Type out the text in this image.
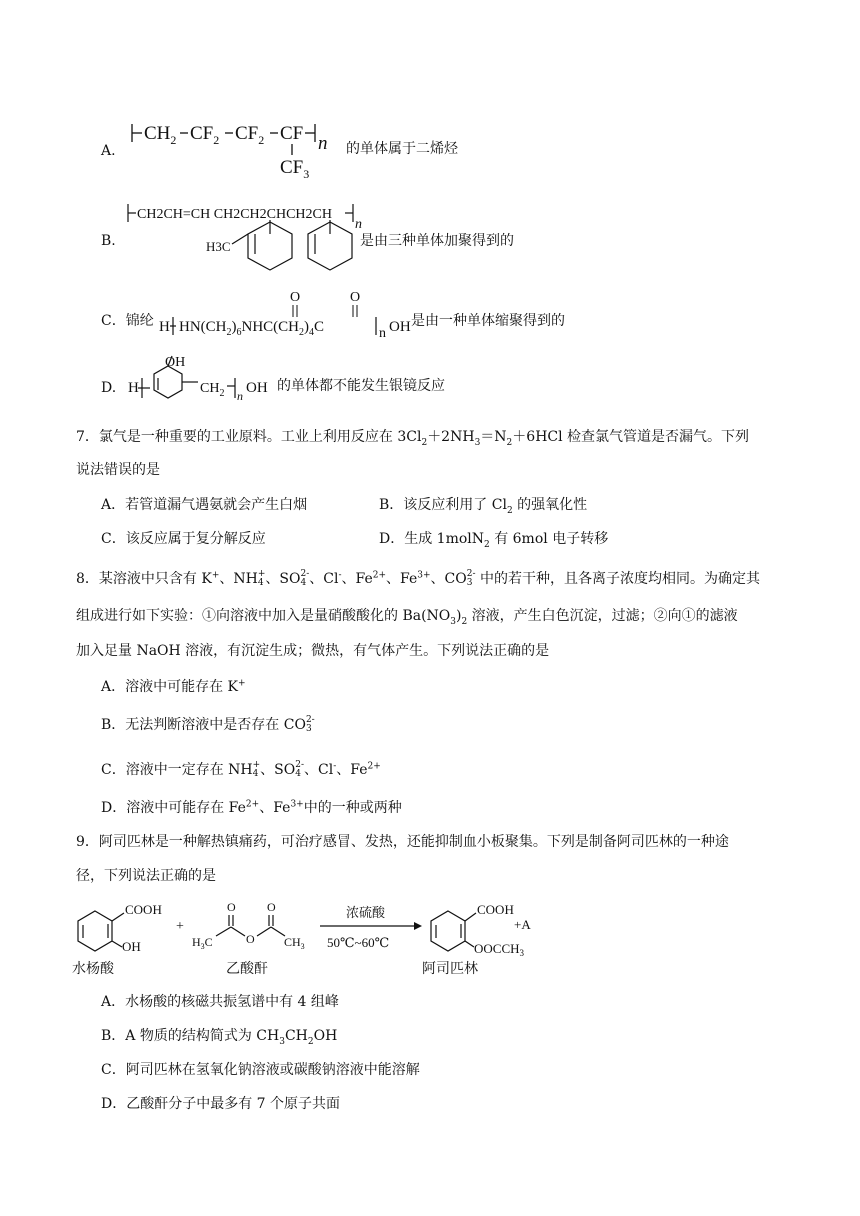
A.
$CH_2$ $CF_2$ $CF_2$ CF n
$CF_3$
的单体属于二烯烃
B.
CH2CH=CH CH2CH2CHCH2CH
n
H3C	是由三种单体加聚得到的
C．锦纶 H $HN(CH_2)_6NHC(CH_2)_4C$	n OH
O	O
是由一种单体缩聚得到的
D. H
OH
$CH_2$ n OH 的单体都不能发生银镜反应
7．氯气是一种重要的工业原料。工业上利用反应在 $3Cl_2+2NH_3=N_2+6HCl$ 检查氯气管道是否漏气。下列
说法错误的是
A．若管道漏气遇氨就会产生白烟	B．该反应利用了 $Cl_2$ 的强氧化性
C．该反应属于复分解反应	D．生成 1molN$_2$ 有 6mol 电子转移
8．某溶液中只含有 K+、NH +
4 、SO 2-
4 、Cl-、$Fe^{2+}$、$Fe^{3+}$、CO 2-
3 中的若干种，且各离子浓度均相同。为确定其
组成进行如下实验：①向溶液中加入是量硝酸酸化的 $Ba(NO_3)_2$ 溶液，产生白色沉淀，过滤；②向①的滤液
加入足量 NaOH 溶液，有沉淀生成；微热，有气体产生。下列说法正确的是
A．溶液中可能存在 K+
B．无法判断溶液中是否存在 CO 2-
3
C．溶液中一定存在 NH +
4 、SO 2-
4 、Cl-、$Fe^{2+}$
D．溶液中可能存在 $Fe^{2+}$、$Fe^{3+}$中的一种或两种
9．阿司匹林是一种解热镇痛药，可治疗感冒、发热，还能抑制血小板聚集。下列是制备阿司匹林的一种途
径，下列说法正确的是
COOH
OH
水杨酸
+
O	O
O
$H_3C$	$CH_3$
乙酸酐
浓硫酸
50℃~60℃
COOH
$OOCCH_3$
阿司匹林
+A
A．水杨酸的核磁共振氢谱中有 4 组峰
B．A 物质的结构简式为 $CH_3CH_2OH$
C．阿司匹林在氢氧化钠溶液或碳酸钠溶液中能溶解
D．乙酸酐分子中最多有 7 个原子共面
